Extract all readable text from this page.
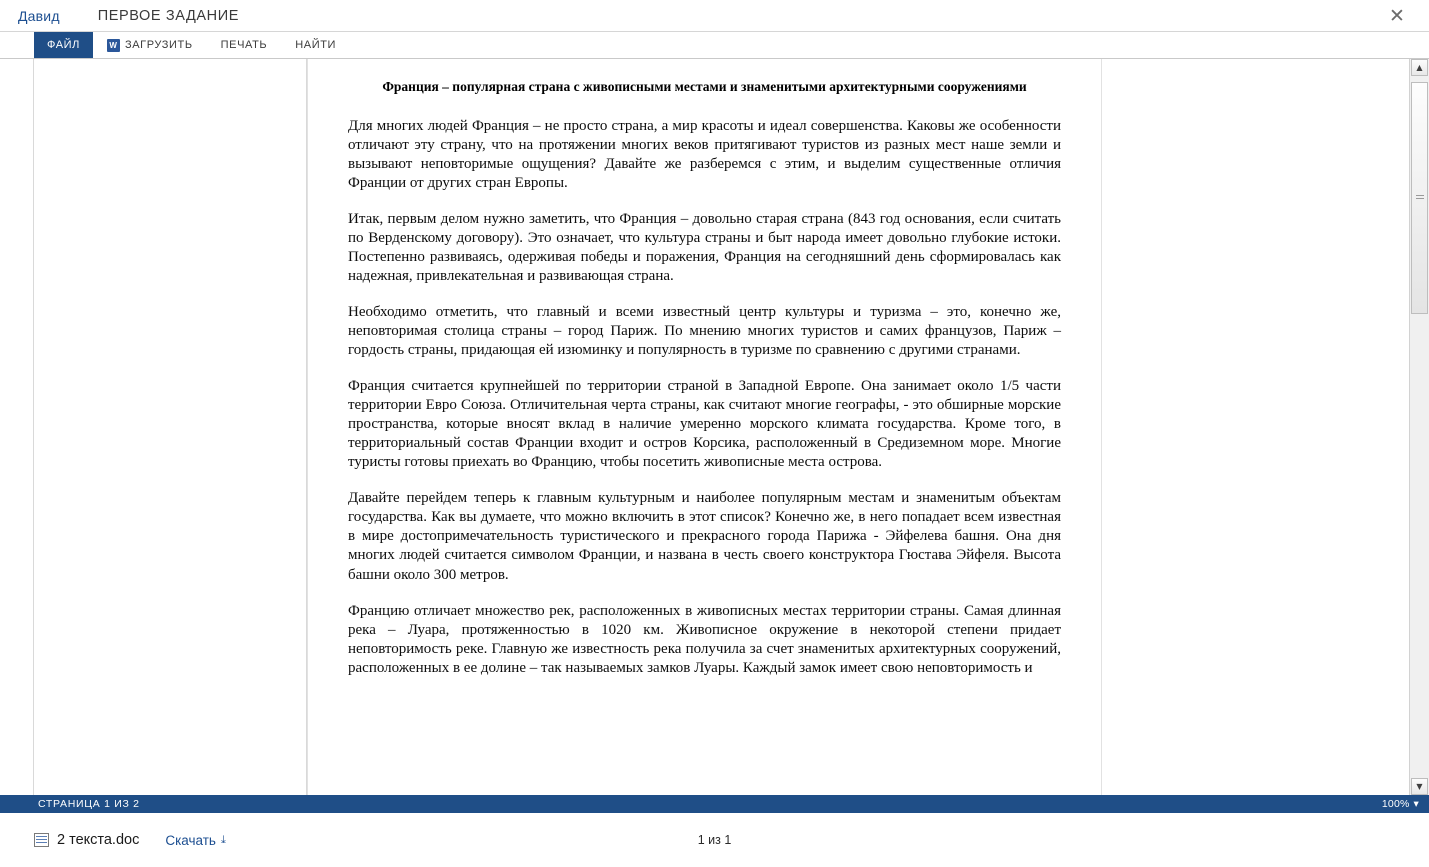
Давид	ПЕРВОЕ ЗАДАНИЕ	✕
ФАЙЛ	W ЗАГРУЗИТЬ	ПЕЧАТЬ	НАЙТИ
Франция – популярная страна с живописными местами и знаменитыми архитектурными сооружениями

Для многих людей Франция – не просто страна, а мир красоты и идеал совершенства. Каковы же особенности отличают эту страну, что на протяжении многих веков притягивают туристов из разных мест наше земли и вызывают неповторимые ощущения? Давайте же разберемся с этим, и выделим существенные отличия Франции от других стран Европы.

Итак, первым делом нужно заметить, что Франция – довольно старая страна (843 год основания, если считать по Верденскому договору). Это означает, что культура страны и быт народа имеет довольно глубокие истоки. Постепенно развиваясь, одерживая победы и поражения, Франция на сегодняшний день сформировалась как надежная, привлекательная и развивающая страна.

Необходимо отметить, что главный и всеми известный центр культуры и туризма – это, конечно же, неповторимая столица страны – город Париж. По мнению многих туристов и самих французов, Париж – гордость страны, придающая ей изюминку и популярность в туризме по сравнению с другими странами.

Франция считается крупнейшей по территории страной в Западной Европе. Она занимает около 1/5 части территории Евро Союза. Отличительная черта страны, как считают многие географы, - это обширные морские пространства, которые вносят вклад в наличие умеренно морского климата государства. Кроме того, в территориальный состав Франции входит и остров Корсика, расположенный в Средиземном море. Многие туристы готовы приехать во Францию, чтобы посетить живописные места острова.

Давайте перейдем теперь к главным культурным и наиболее популярным местам и знаменитым объектам государства. Как вы думаете, что можно включить в этот список? Конечно же, в него попадает всем известная в мире достопримечательность туристического и прекрасного города Парижа - Эйфелева башня. Она дня многих людей считается символом Франции, и названа в честь своего конструктора Гюстава Эйфеля. Высота башни около 300 метров.

Францию отличает множество рек, расположенных в живописных местах территории страны. Самая длинная река – Луара, протяженностью в 1020 км. Живописное окружение в некоторой степени придает неповторимость реке. Главную же известность река получила за счет знаменитых архитектурных сооружений, расположенных в ее долине – так называемых замков Луары. Каждый замок имеет свою неповторимость и

▲
▼
СТРАНИЦА 1 ИЗ 2	100% ▾
2 текста.doc Скачать ⤓	1 из 1
